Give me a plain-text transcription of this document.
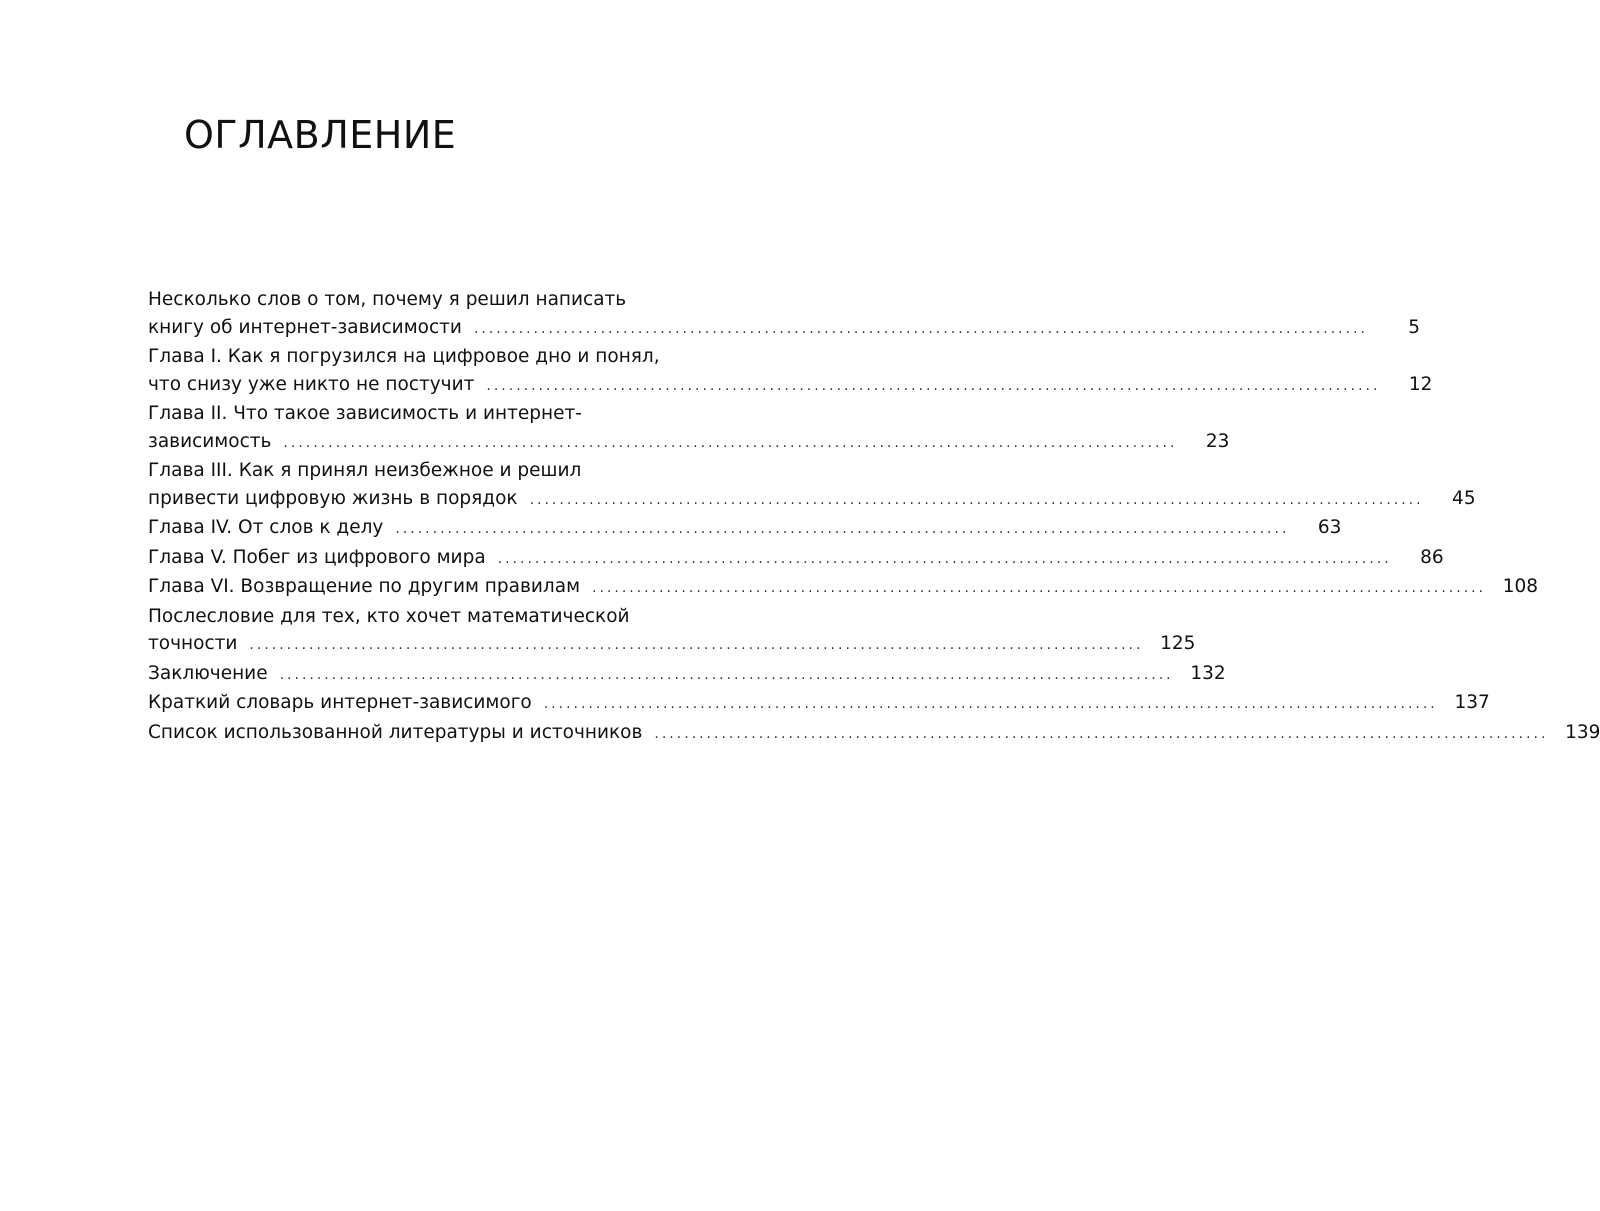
ОГЛАВЛЕНИЕ
Несколько слов о том, почему я решил написать
книгу об интернет-зависимости ........................................................................................................................	5
Глава I. Как я погрузился на цифровое дно и понял,
что снизу уже никто не постучит ........................................................................................................................	12
Глава II. Что такое зависимость и интернет-
зависимость ........................................................................................................................	23
Глава III. Как я принял неизбежное и решил
привести цифровую жизнь в порядок ........................................................................................................................	45
Глава IV. От слов к делу ........................................................................................................................	63
Глава V. Побег из цифрового мира ........................................................................................................................	86
Глава VI. Возвращение по другим правилам ........................................................................................................................ 108
Послесловие для тех, кто хочет математической
точности ........................................................................................................................ 125
Заключение ........................................................................................................................ 132
Краткий словарь интернет-зависимого ........................................................................................................................ 137
Список использованной литературы и источников ........................................................................................................................ 139
